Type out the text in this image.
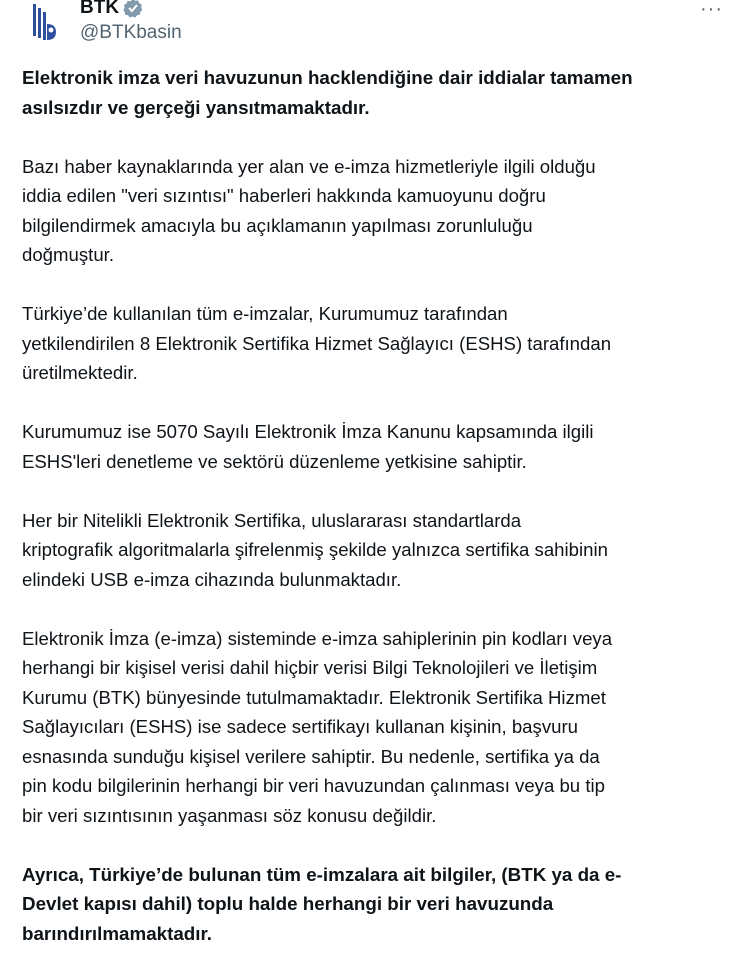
BTK
@BTKbasin
···
Elektronik imza veri havuzunun hacklendiğine dair iddialar tamamen
asılsızdır ve gerçeği yansıtmamaktadır.
Bazı haber kaynaklarında yer alan ve e-imza hizmetleriyle ilgili olduğu
iddia edilen "veri sızıntısı" haberleri hakkında kamuoyunu doğru
bilgilendirmek amacıyla bu açıklamanın yapılması zorunluluğu
doğmuştur.
Türkiye’de kullanılan tüm e-imzalar, Kurumumuz tarafından
yetkilendirilen 8 Elektronik Sertifika Hizmet Sağlayıcı (ESHS) tarafından
üretilmektedir.
Kurumumuz ise 5070 Sayılı Elektronik İmza Kanunu kapsamında ilgili
ESHS'leri denetleme ve sektörü düzenleme yetkisine sahiptir.
Her bir Nitelikli Elektronik Sertifika, uluslararası standartlarda
kriptografik algoritmalarla şifrelenmiş şekilde yalnızca sertifika sahibinin
elindeki USB e-imza cihazında bulunmaktadır.
Elektronik İmza (e-imza) sisteminde e-imza sahiplerinin pin kodları veya
herhangi bir kişisel verisi dahil hiçbir verisi Bilgi Teknolojileri ve İletişim
Kurumu (BTK) bünyesinde tutulmamaktadır. Elektronik Sertifika Hizmet
Sağlayıcıları (ESHS) ise sadece sertifikayı kullanan kişinin, başvuru
esnasında sunduğu kişisel verilere sahiptir. Bu nedenle, sertifika ya da
pin kodu bilgilerinin herhangi bir veri havuzundan çalınması veya bu tip
bir veri sızıntısının yaşanması söz konusu değildir.
Ayrıca, Türkiye’de bulunan tüm e-imzalara ait bilgiler, (BTK ya da e-
Devlet kapısı dahil) toplu halde herhangi bir veri havuzunda
barındırılmamaktadır.
